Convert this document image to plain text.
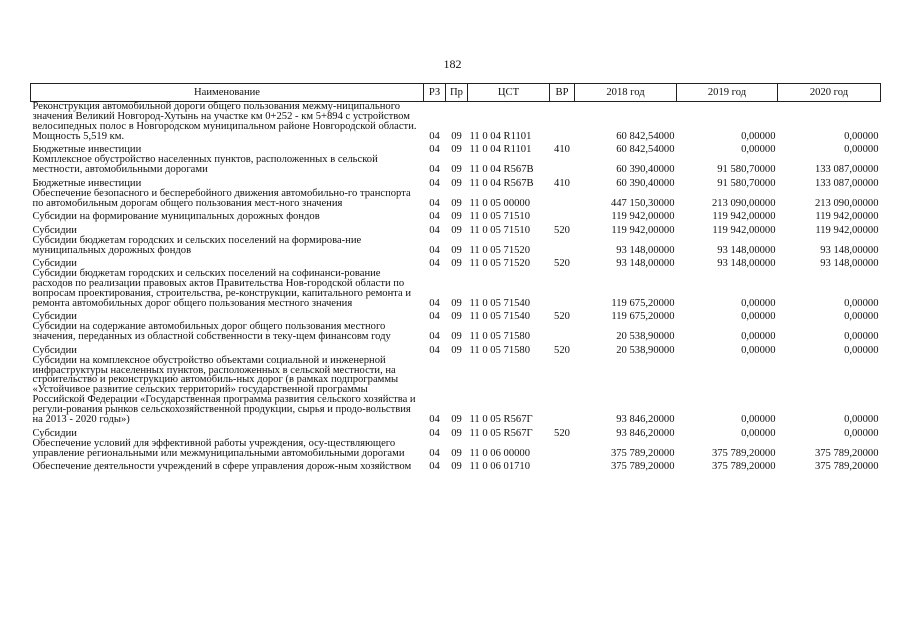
182
Наименование	РЗ	Пр	ЦСТ	ВР	2018 год	2019 год	2020 год
Реконструкция автомобильной дороги общего пользования межму-ниципального значения Великий Новгород-Хутынь на участке км 0+252 - км 5+894 с устройством велосипедных полос в Новгородском муниципальном районе Новгородской области. Мощность 5,519 км.	04	09	11 0 04 R1101		60 842,54000	0,00000	0,00000
Бюджетные инвестиции	04	09	11 0 04 R1101	410	60 842,54000	0,00000	0,00000
Комплексное обустройство населенных пунктов, расположенных в сельской местности, автомобильными дорогами	04	09	11 0 04 R567В		60 390,40000	91 580,70000	133 087,00000
Бюджетные инвестиции	04	09	11 0 04 R567В	410	60 390,40000	91 580,70000	133 087,00000
Обеспечение безопасного и бесперебойного движения автомобильно-го транспорта по автомобильным дорогам общего пользования мест-ного значения	04	09	11 0 05 00000		447 150,30000	213 090,00000	213 090,00000
Субсидии на формирование муниципальных дорожных фондов	04	09	11 0 05 71510		119 942,00000	119 942,00000	119 942,00000
Субсидии	04	09	11 0 05 71510	520	119 942,00000	119 942,00000	119 942,00000
Субсидии бюджетам городских и сельских поселений на формирова-ние муниципальных дорожных фондов	04	09	11 0 05 71520		93 148,00000	93 148,00000	93 148,00000
Субсидии	04	09	11 0 05 71520	520	93 148,00000	93 148,00000	93 148,00000
Субсидии бюджетам городских и сельских поселений на софинанси-рование расходов по реализации правовых актов Правительства Нов-городской области по вопросам проектирования, строительства, ре-конструкции, капитального ремонта и ремонта автомобильных дорог общего пользования местного значения	04	09	11 0 05 71540		119 675,20000	0,00000	0,00000
Субсидии	04	09	11 0 05 71540	520	119 675,20000	0,00000	0,00000
Субсидии на содержание автомобильных дорог общего пользования местного значения, переданных из областной собственности в теку-щем финансовм году	04	09	11 0 05 71580		20 538,90000	0,00000	0,00000
Субсидии	04	09	11 0 05 71580	520	20 538,90000	0,00000	0,00000
Субсидии на комплексное обустройство объектами социальной и инженерной инфраструктуры населенных пунктов, расположенных в сельской местности, на строительство и реконструкцию автомобиль-ных дорог (в рамках подпрограммы «Устойчивое развитие сельских территорий» государственной программы Российской Федерации «Государственная программа развития сельского хозяйства и регули-рования рынков сельскохозяйственной продукции, сырья и продо-вольствия на 2013 - 2020 годы»)	04	09	11 0 05 R567Г		93 846,20000	0,00000	0,00000
Субсидии	04	09	11 0 05 R567Г	520	93 846,20000	0,00000	0,00000
Обеспечение условий для эффективной работы учреждения, осу-ществляющего управление региональными или межмуниципальными автомобильными дорогами	04	09	11 0 06 00000		375 789,20000	375 789,20000	375 789,20000
Обеспечение деятельности учреждений в сфере управления дорож-ным хозяйством	04	09	11 0 06 01710		375 789,20000	375 789,20000	375 789,20000
